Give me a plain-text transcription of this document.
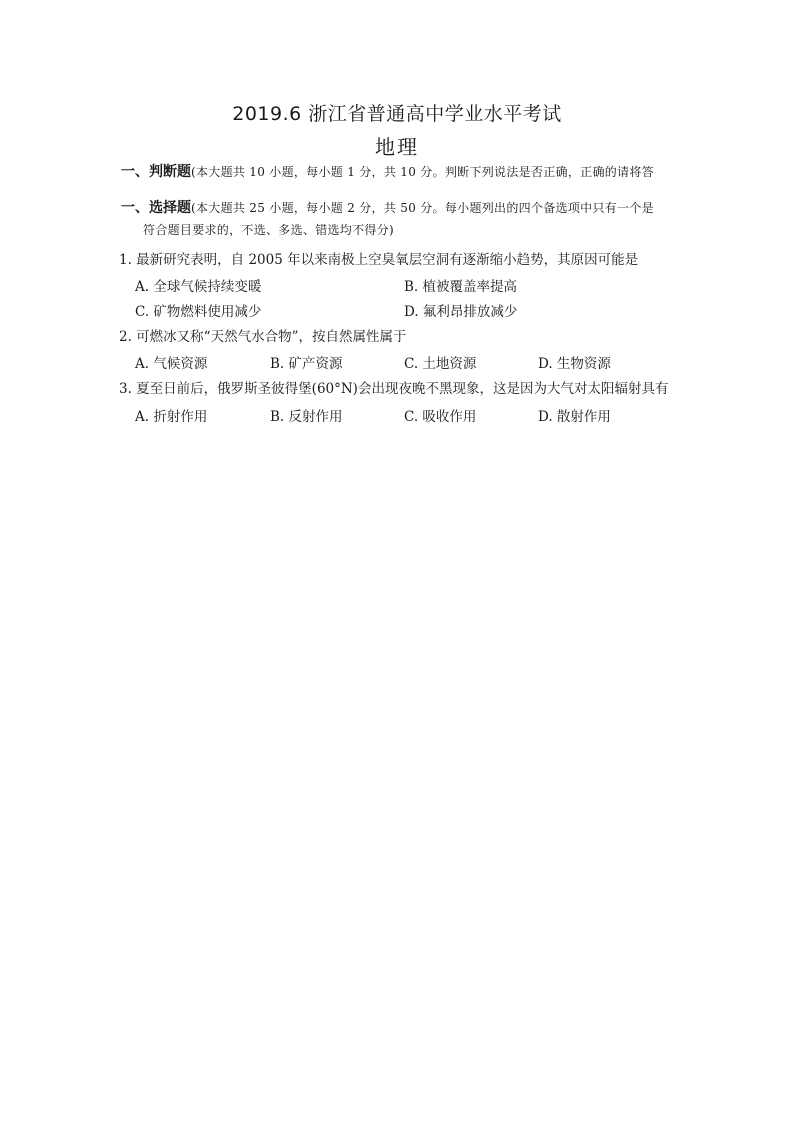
2019.6 浙江省普通高中学业水平考试
地理
一、判断题(本大题共 10 小题，每小题 1 分，共 10 分。判断下列说法是否正确，正确的请将答
一、选择题(本大题共 25 小题，每小题 2 分，共 50 分。每小题列出的四个备选项中只有一个是
符合题目要求的，不选、多选、错选均不得分)
1. 最新研究表明，自 2005 年以来南极上空臭氧层空洞有逐渐缩小趋势，其原因可能是
A. 全球气候持续变暖	B. 植被覆盖率提高
C. 矿物燃料使用减少	D. 氟利昂排放减少
2. 可燃冰又称“天然气水合物”，按自然属性属于
A. 气候资源	B. 矿产资源	C. 土地资源	D. 生物资源
3. 夏至日前后，俄罗斯圣彼得堡(60°N)会出现夜晚不黑现象，这是因为大气对太阳辐射具有
A. 折射作用	B. 反射作用	C. 吸收作用	D. 散射作用
